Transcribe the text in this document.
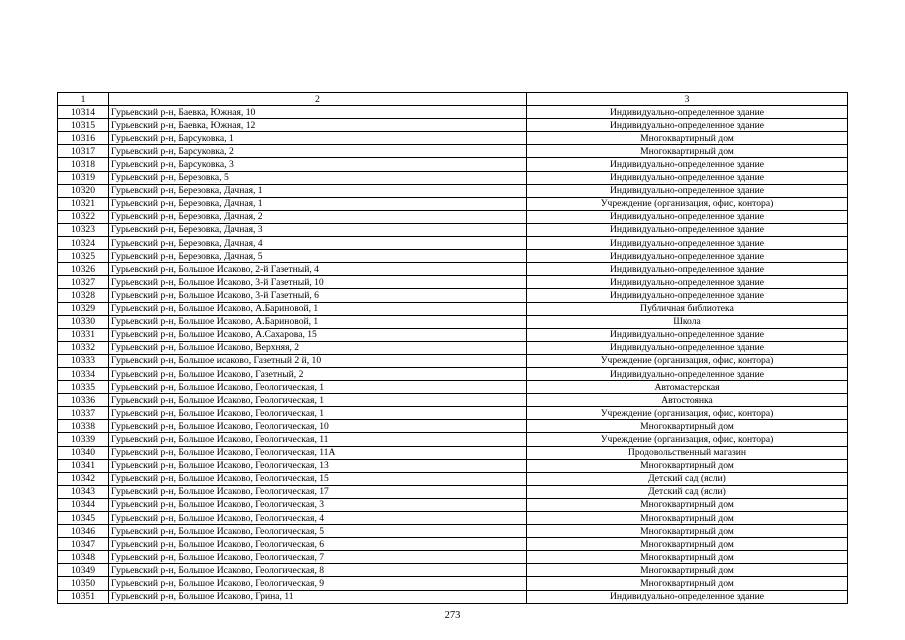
1	2	3
10314	Гурьевский р-н, Баевка, Южная, 10	Индивидуально-определенное здание
10315	Гурьевский р-н, Баевка, Южная, 12	Индивидуально-определенное здание
10316	Гурьевский р-н, Барсуковка, 1	Многоквартирный дом
10317	Гурьевский р-н, Барсуковка, 2	Многоквартирный дом
10318	Гурьевский р-н, Барсуковка, 3	Индивидуально-определенное здание
10319	Гурьевский р-н, Березовка, 5	Индивидуально-определенное здание
10320	Гурьевский р-н, Березовка, Дачная, 1	Индивидуально-определенное здание
10321	Гурьевский р-н, Березовка, Дачная, 1	Учреждение (организация, офис, контора)
10322	Гурьевский р-н, Березовка, Дачная, 2	Индивидуально-определенное здание
10323	Гурьевский р-н, Березовка, Дачная, 3	Индивидуально-определенное здание
10324	Гурьевский р-н, Березовка, Дачная, 4	Индивидуально-определенное здание
10325	Гурьевский р-н, Березовка, Дачная, 5	Индивидуально-определенное здание
10326	Гурьевский р-н, Большое Исаково, 2-й Газетный, 4	Индивидуально-определенное здание
10327	Гурьевский р-н, Большое Исаково, 3-й Газетный, 10	Индивидуально-определенное здание
10328	Гурьевский р-н, Большое Исаково, 3-й Газетный, 6	Индивидуально-определенное здание
10329	Гурьевский р-н, Большое Исаково, А.Бариновой, 1	Публичная библиотека
10330	Гурьевский р-н, Большое Исаково, А.Бариновой, 1	Школа
10331	Гурьевский р-н, Большое Исаково, А.Сахарова, 15	Индивидуально-определенное здание
10332	Гурьевский р-н, Большое Исаково, Верхняя, 2	Индивидуально-определенное здание
10333	Гурьевский р-н, Большое исаково, Газетный 2 й, 10	Учреждение (организация, офис, контора)
10334	Гурьевский р-н, Большое Исаково, Газетный, 2	Индивидуально-определенное здание
10335	Гурьевский р-н, Большое Исаково, Геологическая, 1	Автомастерская
10336	Гурьевский р-н, Большое Исаково, Геологическая, 1	Автостоянка
10337	Гурьевский р-н, Большое Исаково, Геологическая, 1	Учреждение (организация, офис, контора)
10338	Гурьевский р-н, Большое Исаково, Геологическая, 10	Многоквартирный дом
10339	Гурьевский р-н, Большое Исаково, Геологическая, 11	Учреждение (организация, офис, контора)
10340	Гурьевский р-н, Большое Исаково, Геологическая, 11А	Продовольственный магазин
10341	Гурьевский р-н, Большое Исаково, Геологическая, 13	Многоквартирный дом
10342	Гурьевский р-н, Большое Исаково, Геологическая, 15	Детский сад (ясли)
10343	Гурьевский р-н, Большое Исаково, Геологическая, 17	Детский сад (ясли)
10344	Гурьевский р-н, Большое Исаково, Геологическая, 3	Многоквартирный дом
10345	Гурьевский р-н, Большое Исаково, Геологическая, 4	Многоквартирный дом
10346	Гурьевский р-н, Большое Исаково, Геологическая, 5	Многоквартирный дом
10347	Гурьевский р-н, Большое Исаково, Геологическая, 6	Многоквартирный дом
10348	Гурьевский р-н, Большое Исаково, Геологическая, 7	Многоквартирный дом
10349	Гурьевский р-н, Большое Исаково, Геологическая, 8	Многоквартирный дом
10350	Гурьевский р-н, Большое Исаково, Геологическая, 9	Многоквартирный дом
10351	Гурьевский р-н, Большое Исаково, Грина, 11	Индивидуально-определенное здание
273
